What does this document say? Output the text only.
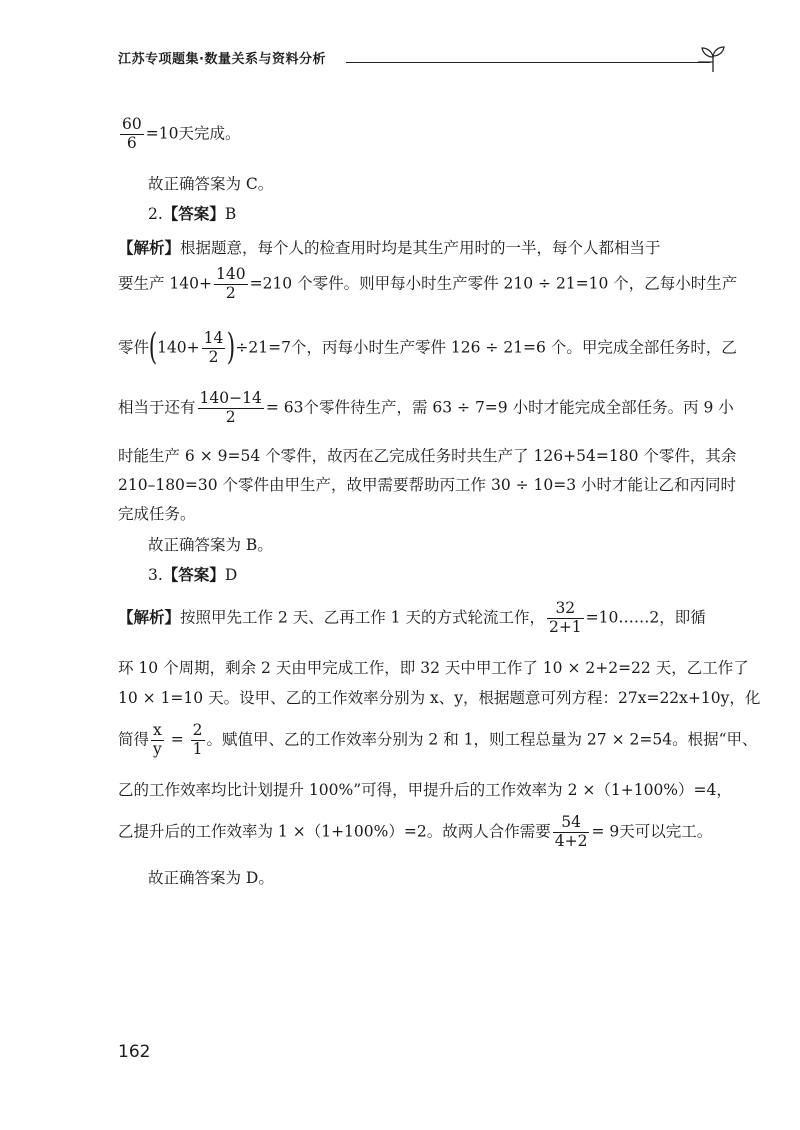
江苏专项题集·数量关系与资料分析
$\frac{60}{6} =10$天完成。
故正确答案为 C。
2.【答案】B
【解析】根据题意，每个人的检查用时均是其生产用时的一半，每个人都相当于
要生产 $140+ \frac{140}{2} =210$ 个零件。则甲每小时生产零件 210 ÷ 21=10 个，乙每小时生产
零件$(140+ \frac{14}{2} )\div 21=7$个，丙每小时生产零件 126 ÷ 21=6 个。甲完成全部任务时，乙
相当于还有 $\frac{140-14}{2} = 63$个零件待生产，需 63 ÷ 7=9 小时才能完成全部任务。丙 9 小
时能生产 6 × 9=54 个零件，故丙在乙完成任务时共生产了 126+54=180 个零件，其余
210–180=30 个零件由甲生产，故甲需要帮助丙工作 30 ÷ 10=3 小时才能让乙和丙同时
完成任务。
故正确答案为 B。
3.【答案】D
【解析】按照甲先工作 2 天、乙再工作 1 天的方式轮流工作， $\frac{32}{2+1}$ =10……2，即循
环 10 个周期，剩余 2 天由甲完成工作，即 32 天中甲工作了 10 × 2+2=22 天，乙工作了
10 × 1=10 天。设甲、乙的工作效率分别为 x、y，根据题意可列方程：27x=22x+10y，化
简得 $\frac{x}{y} = \frac{2}{1}$ 。赋值甲、乙的工作效率分别为 2 和 1，则工程总量为 27 × 2=54。根据“甲、
乙的工作效率均比计划提升 100%”可得，甲提升后的工作效率为 2 ×（1+100%）=4，
乙提升后的工作效率为 1 ×（1+100%）=2。故两人合作需要 $\frac{54}{4+2} = 9$天可以完工。
故正确答案为 D。
162
